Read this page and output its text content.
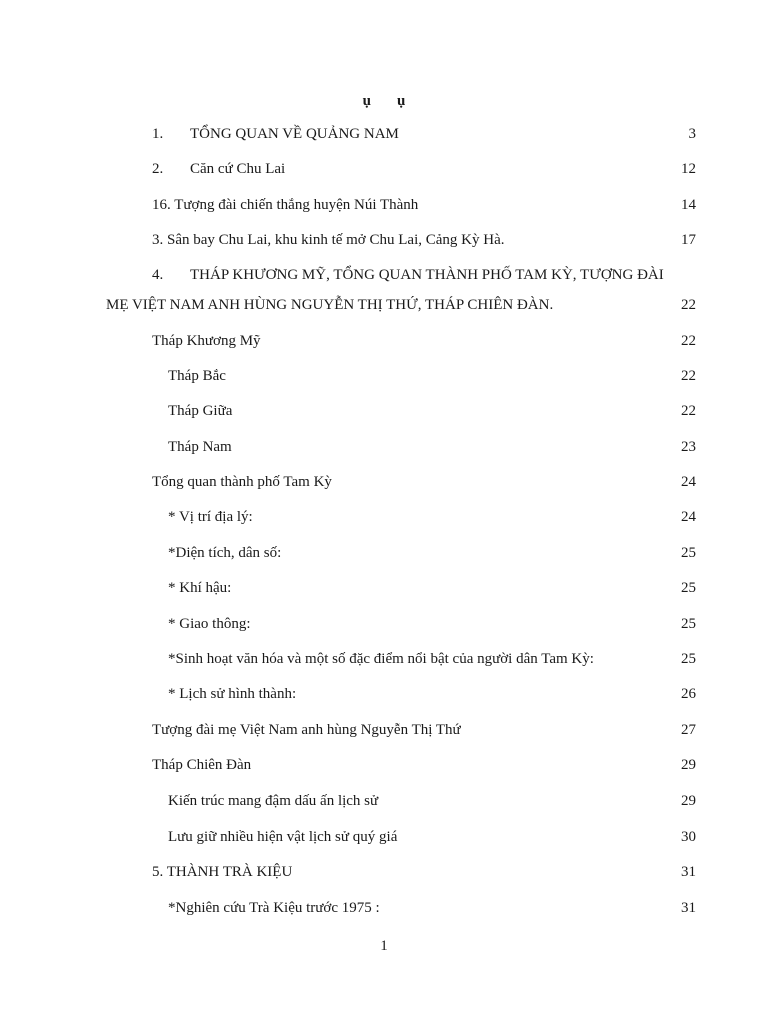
ụ ụ
1. TỔNG QUAN VỀ QUẢNG NAM	3
2. Căn cứ Chu Lai	12
16. Tượng đài chiến thắng huyện Núi Thành	14
3. Sân bay Chu Lai, khu kinh tế mở Chu Lai, Cảng Kỳ Hà.	17
4. THÁP KHƯƠNG MỸ, TỔNG QUAN THÀNH PHỐ TAM KỲ, TƯỢNG ĐÀI
MẸ VIỆT NAM ANH HÙNG NGUYỄN THỊ THỨ, THÁP CHIÊN ĐÀN.	22
Tháp Khương Mỹ	22
Tháp Bắc	22
Tháp Giữa	22
Tháp Nam	23
Tổng quan thành phố Tam Kỳ	24
* Vị trí địa lý:	24
*Diện tích, dân số:	25
* Khí hậu:	25
* Giao thông:	25
*Sinh hoạt văn hóa và một số đặc điểm nổi bật của người dân Tam Kỳ:	25
* Lịch sử hình thành:	26
Tượng đài mẹ Việt Nam anh hùng Nguyễn Thị Thứ	27
Tháp Chiên Đàn	29
Kiến trúc mang đậm dấu ấn lịch sử	29
Lưu giữ nhiều hiện vật lịch sử quý giá	30
5. THÀNH TRÀ KIỆU	31
*Nghiên cứu Trà Kiệu trước 1975 :	31
1
